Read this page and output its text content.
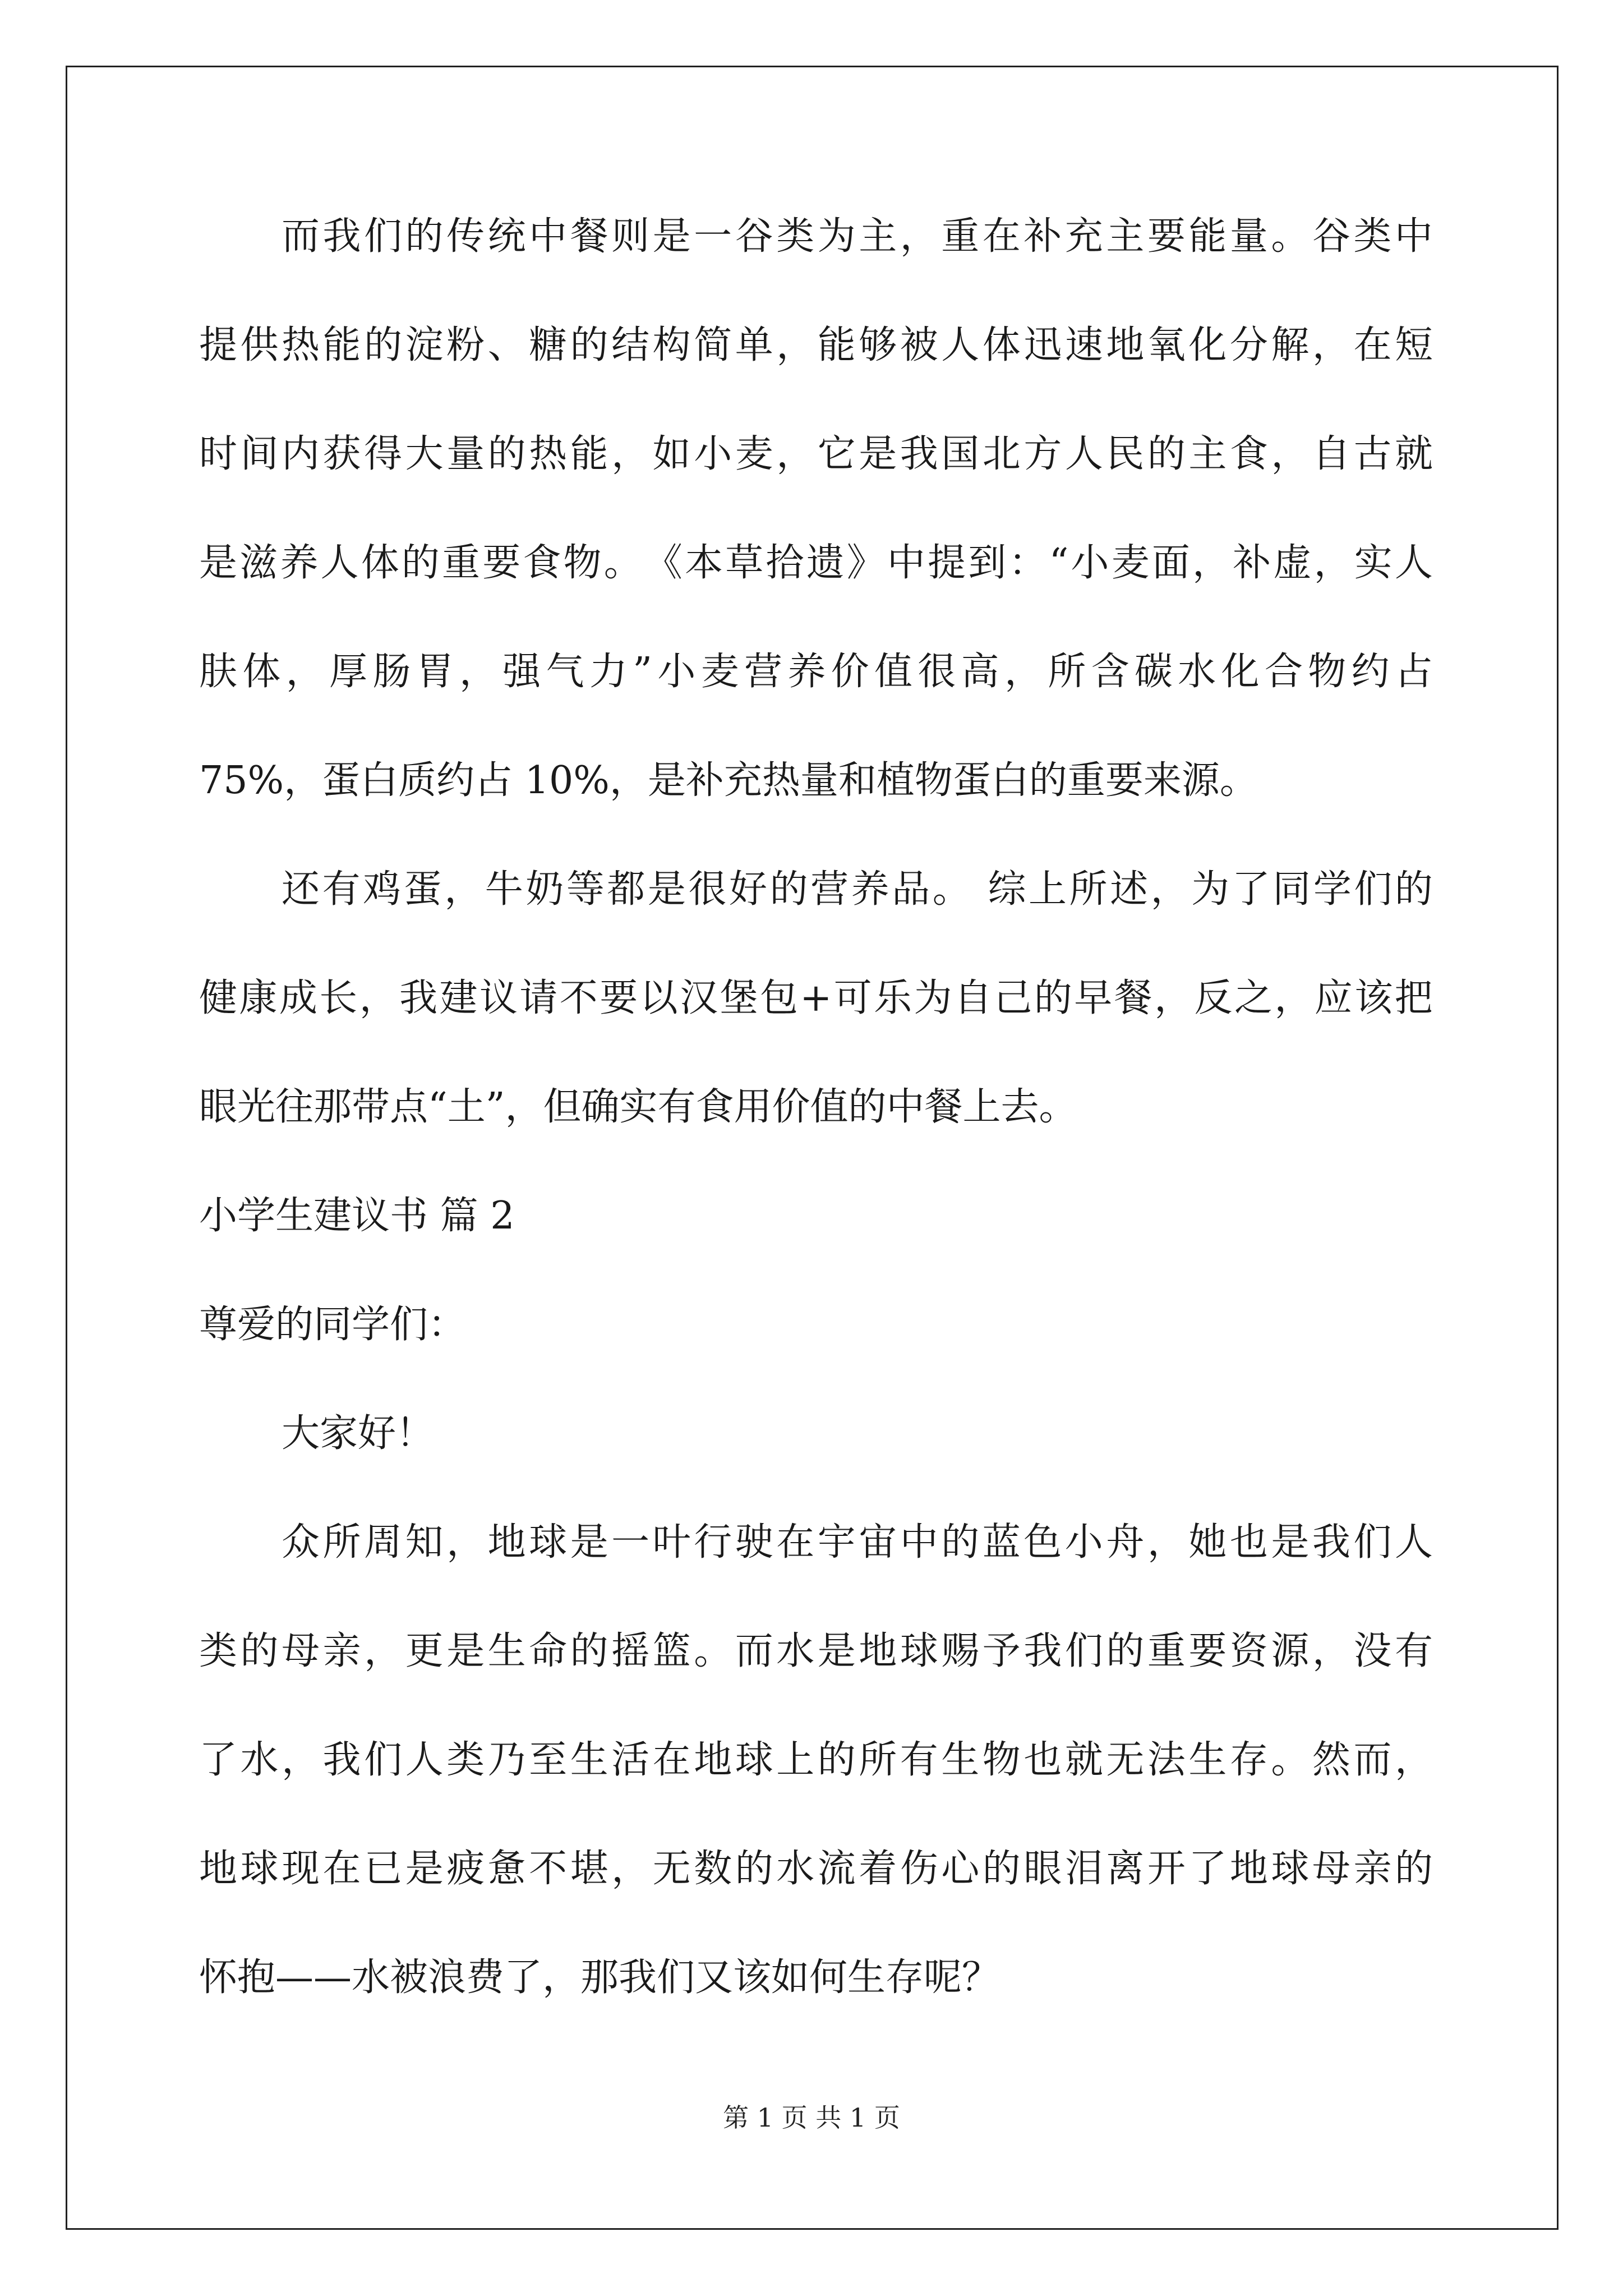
而 我 们 的 传 统 中 餐 则 是 一 谷 类 为 主 ， 重 在 补 充 主 要 能 量 。 谷 类 中
提 供 热 能 的 淀 粉 、 糖 的 结 构 简 单 ， 能 够 被 人 体 迅 速 地 氧 化 分 解 ， 在 短
时 间 内 获 得 大 量 的 热 能 ， 如 小 麦 ， 它 是 我 国 北 方 人 民 的 主 食 ， 自 古 就
是 滋 养 人 体 的 重 要 食 物 。 《 本 草 拾 遗 》 中 提 到 ： “ 小 麦 面 ， 补 虚 ， 实 人
肤 体 ， 厚 肠 胃 ， 强 气 力 ” 小 麦 营 养 价 值 很 高 ， 所 含 碳 水 化 合 物 约 占
75%，蛋白质约占 10%，是补充热量和植物蛋白的重要来源。
还 有 鸡 蛋 ， 牛 奶 等 都 是 很 好 的 营 养 品 。
综 上 所 述 ， 为 了 同 学 们 的
健 康 成 长 ， 我 建 议 请 不 要 以 汉 堡 包 + 可 乐 为 自 己 的 早 餐 ， 反 之 ， 应 该 把
眼光往那带点“土”，但确实有食用价值的中餐上去。
小学生建议书 篇 2
尊爱的同学们：
大家好！
众 所 周 知 ， 地 球 是 一 叶 行 驶 在 宇 宙 中 的 蓝 色 小 舟 ， 她 也 是 我 们 人
类 的 母 亲 ， 更 是 生 命 的 摇 篮 。 而 水 是 地 球 赐 予 我 们 的 重 要 资 源 ， 没 有
了 水 ， 我 们 人 类 乃 至 生 活 在 地 球 上 的 所 有 生 物 也 就 无 法 生 存 。 然 而 ，
地 球 现 在 已 是 疲 惫 不 堪 ， 无 数 的 水 流 着 伤 心 的 眼 泪 离 开 了 地 球 母 亲 的
怀抱——水被浪费了，那我们又该如何生存呢？
第 1 页 共 1 页
